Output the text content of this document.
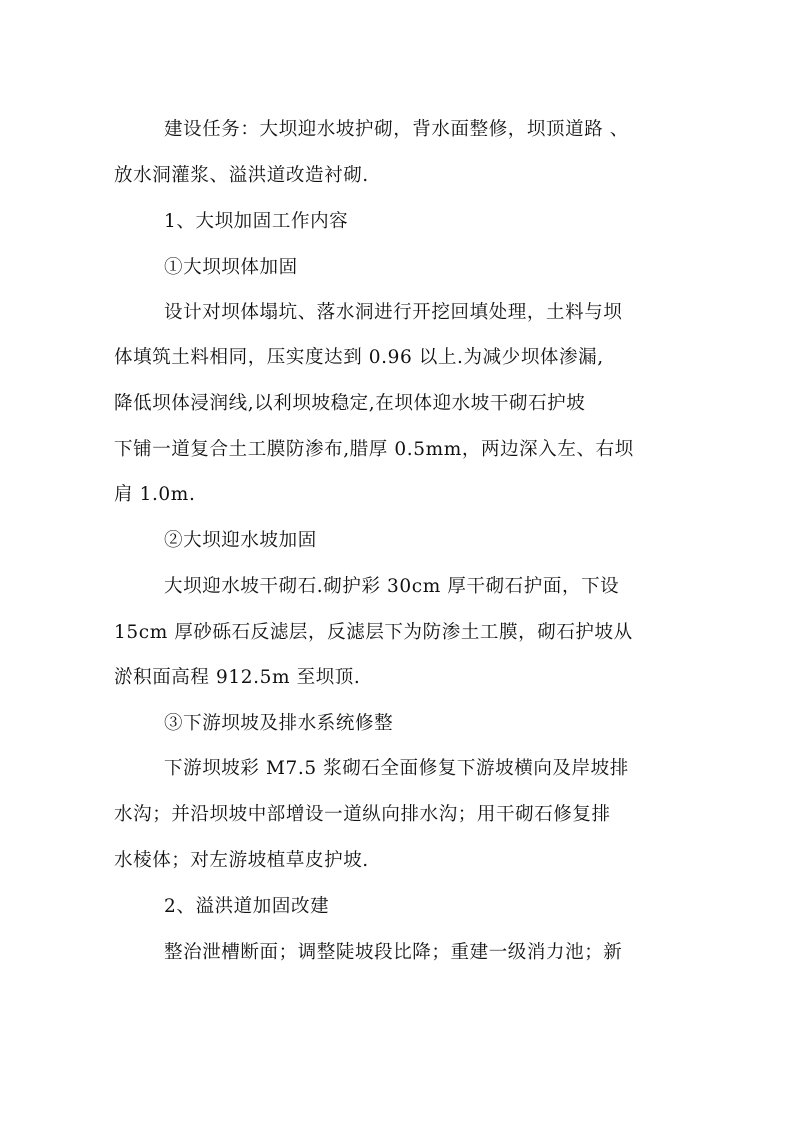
建设任务：大坝迎水坡护砌，背水面整修，坝顶道路 、
放水洞灌浆、溢洪道改造衬砌.
1、大坝加固工作内容
①大坝坝体加固
设计对坝体塌坑、落水洞进行开挖回填处理，土料与坝
体填筑土料相同，压实度达到 0.96 以上.为减少坝体渗漏,
降低坝体浸润线,以利坝坡稳定,在坝体迎水坡干砌石护坡
下铺一道复合土工膜防渗布,腊厚 0.5mm，两边深入左、右坝
肩 1.0m.
②大坝迎水坡加固
大坝迎水坡干砌石.砌护彩 30cm 厚干砌石护面，下设
15cm 厚砂砾石反滤层，反滤层下为防渗土工膜，砌石护坡从
淤积面高程 912.5m 至坝顶.
③下游坝坡及排水系统修整
下游坝坡彩 M7.5 浆砌石全面修复下游坡横向及岸坡排
水沟；并沿坝坡中部增设一道纵向排水沟；用干砌石修复排
水棱体；对左游坡植草皮护坡.
2、溢洪道加固改建
整治泄槽断面；调整陡坡段比降；重建一级消力池；新
